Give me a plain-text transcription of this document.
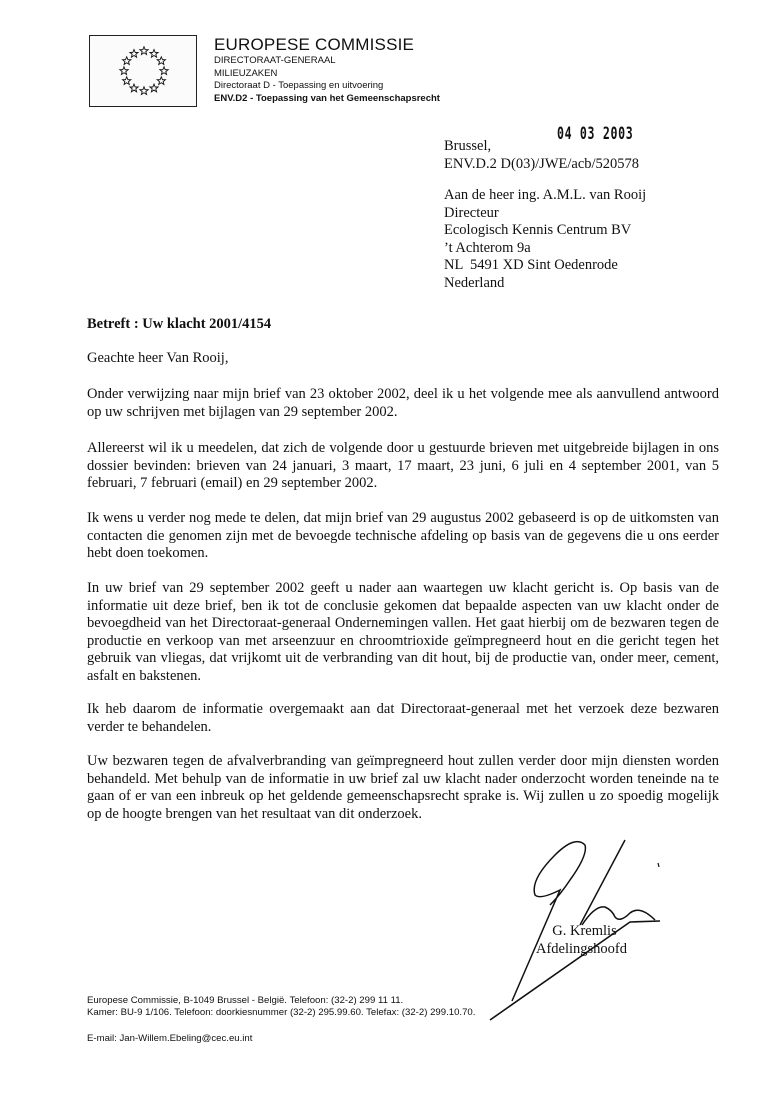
EUROPESE COMMISSIE
DIRECTORAAT-GENERAAL
MILIEUZAKEN
Directoraat D - Toepassing en uitvoering
ENV.D2 - Toepassing van het Gemeenschapsrecht
04 03 2003
Brussel,
ENV.D.2 D(03)/JWE/acb/520578
Aan de heer ing. A.M.L. van Rooij
Directeur
Ecologisch Kennis Centrum BV
’t Achterom 9a
NL  5491 XD Sint Oedenrode
Nederland
Betreft : Uw klacht 2001/4154
Geachte heer Van Rooij,
Onder verwijzing naar mijn brief van 23 oktober 2002, deel ik u het volgende mee als aanvullend antwoord op uw schrijven met bijlagen van 29 september 2002.
Allereerst wil ik u meedelen, dat zich de volgende door u gestuurde brieven met uitgebreide bijlagen in ons dossier bevinden: brieven van 24 januari, 3 maart, 17 maart, 23 juni, 6 juli en 4 september 2001, van 5 februari, 7 februari (email) en 29 september 2002.
Ik wens u verder nog mede te delen, dat mijn brief van 29 augustus 2002 gebaseerd is op de uitkomsten van contacten die genomen zijn met de bevoegde technische afdeling op basis van de gegevens die u ons eerder hebt doen toekomen.
In uw brief van 29 september 2002 geeft u nader aan waartegen uw klacht gericht is. Op basis van de informatie uit deze brief, ben ik tot de conclusie gekomen dat bepaalde aspecten van uw klacht onder de bevoegdheid van het Directoraat-generaal Ondernemingen vallen. Het gaat hierbij om de bezwaren tegen de productie en verkoop van met arseenzuur en chroomtrioxide geïmpregneerd hout en die gericht tegen het gebruik van vliegas, dat vrijkomt uit de verbranding van dit hout, bij de productie van, onder meer, cement, asfalt en bakstenen.
Ik heb daarom de informatie overgemaakt aan dat Directoraat-generaal met het verzoek deze bezwaren verder te behandelen.
Uw bezwaren tegen de afvalverbranding van geïmpregneerd hout zullen verder door mijn diensten worden behandeld. Met behulp van de informatie in uw brief zal uw klacht nader onderzocht worden teneinde na te gaan of er van een inbreuk op het geldende gemeenschapsrecht sprake is. Wij zullen u zo spoedig mogelijk op de hoogte brengen van het resultaat van dit onderzoek.
G. Kremlis
Afdelingshoofd
Europese Commissie, B-1049 Brussel - België. Telefoon: (32-2) 299 11 11.
Kamer: BU-9 1/106. Telefoon: doorkiesnummer (32-2) 295.99.60. Telefax: (32-2) 299.10.70.
E-mail: Jan-Willem.Ebeling@cec.eu.int
